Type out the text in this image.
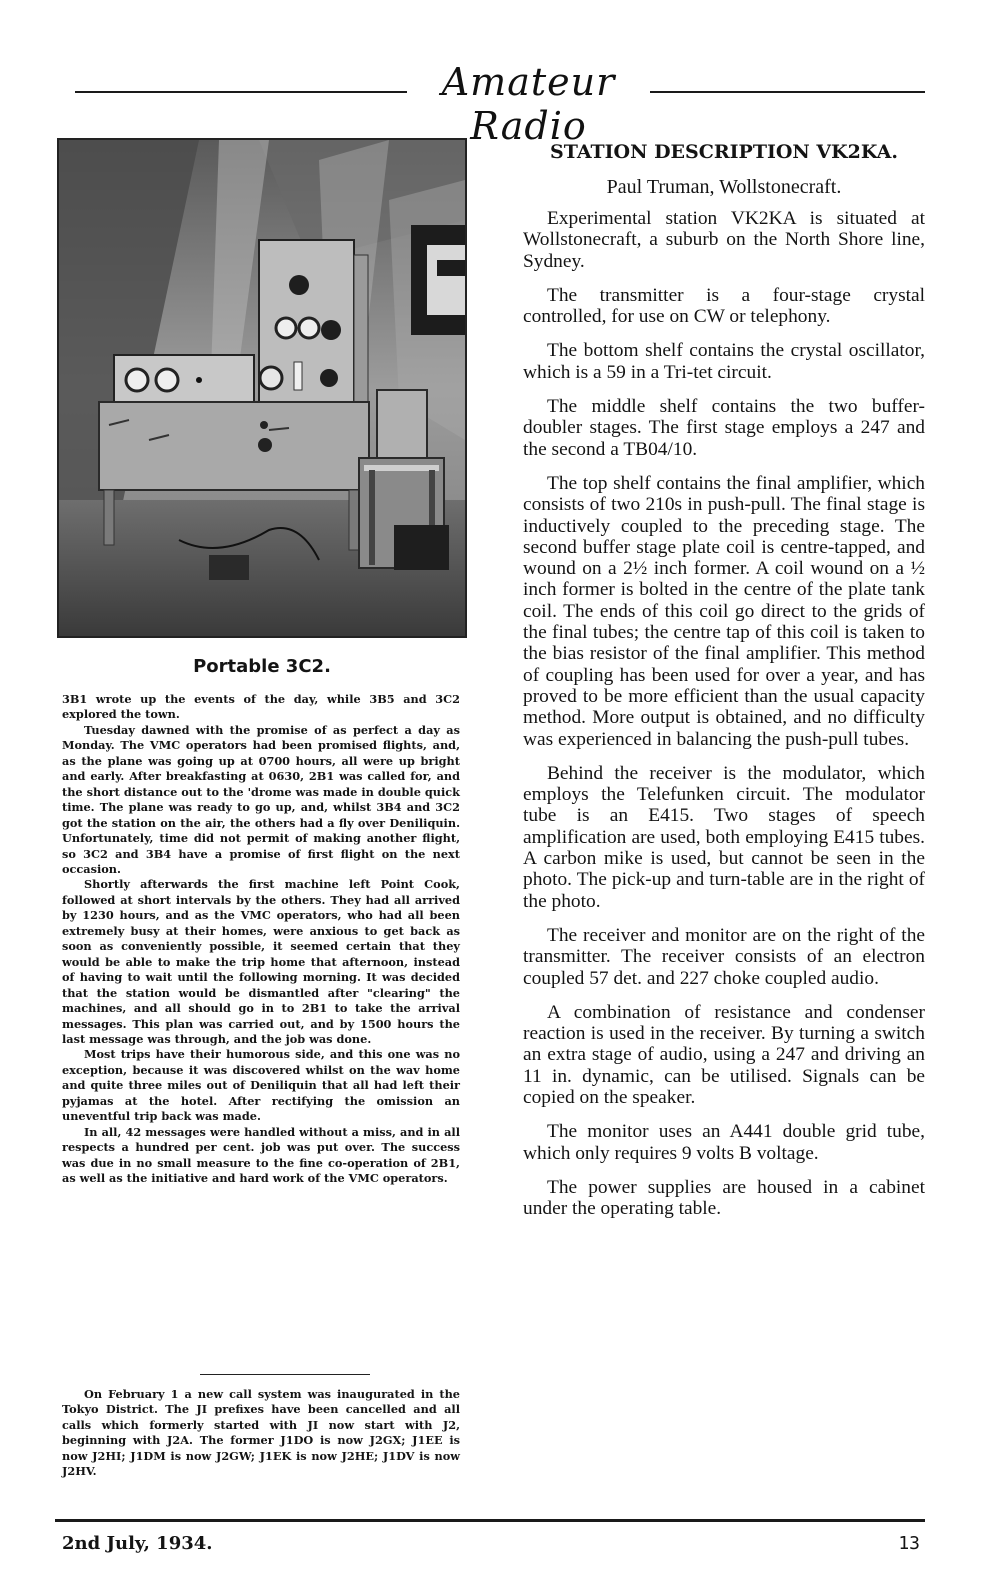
Amateur Radio
Portable 3C2.

3B1 wrote up the events of the day, while 3B5 and 3C2 explored the town.

Tuesday dawned with the promise of as perfect a day as Monday. The VMC operators had been promised flights, and, as the plane was going up at 0700 hours, all were up bright and early. After breakfasting at 0630, 2B1 was called for, and the short distance out to the 'drome was made in double quick time. The plane was ready to go up, and, whilst 3B4 and 3C2 got the station on the air, the others had a fly over Deniliquin. Unfortunately, time did not permit of making another flight, so 3C2 and 3B4 have a promise of first flight on the next occasion.

Shortly afterwards the first machine left Point Cook, followed at short intervals by the others. They had all arrived by 1230 hours, and as the VMC operators, who had all been extremely busy at their homes, were anxious to get back as soon as conveniently possible, it seemed certain that they would be able to make the trip home that afternoon, instead of having to wait until the following morning. It was decided that the station would be dismantled after "clearing" the machines, and all should go in to 2B1 to take the arrival messages. This plan was carried out, and by 1500 hours the last message was through, and the job was done.

Most trips have their humorous side, and this one was no exception, because it was discovered whilst on the wav home and quite three miles out of Deniliquin that all had left their pyjamas at the hotel. After rectifying the omission an uneventful trip back was made.

In all, 42 messages were handled without a miss, and in all respects a hundred per cent. job was put over. The success was due in no small measure to the fine co-operation of 2B1, as well as the initiative and hard work of the VMC operators.

On February 1 a new call system was inaugurated in the Tokyo District. The JI prefixes have been cancelled and all calls which formerly started with JI now start with J2, beginning with J2A. The former J1DO is now J2GX; J1EE is now J2HI; J1DM is now J2GW; J1EK is now J2HE; J1DV is now J2HV.

STATION DESCRIPTION VK2KA.
Paul Truman, Wollstonecraft.

Experimental station VK2KA is situated at Wollstonecraft, a suburb on the North Shore line, Sydney.

The transmitter is a four-stage crystal controlled, for use on CW or telephony.

The bottom shelf contains the crystal oscillator, which is a 59 in a Tri-tet circuit.

The middle shelf contains the two buffer-doubler stages. The first stage employs a 247 and the second a TB04/10.

The top shelf contains the final amplifier, which consists of two 210s in push-pull. The final stage is inductively coupled to the preceding stage. The second buffer stage plate coil is centre-tapped, and wound on a 2½ inch former. A coil wound on a ½ inch former is bolted in the centre of the plate tank coil. The ends of this coil go direct to the grids of the final tubes; the centre tap of this coil is taken to the bias resistor of the final amplifier. This method of coupling has been used for over a year, and has proved to be more efficient than the usual capacity method. More output is obtained, and no difficulty was experienced in balancing the push-pull tubes.

Behind the receiver is the modulator, which employs the Telefunken circuit. The modulator tube is an E415. Two stages of speech amplification are used, both employing E415 tubes. A carbon mike is used, but cannot be seen in the photo. The pick-up and turn-table are in the right of the photo.

The receiver and monitor are on the right of the transmitter. The receiver consists of an electron coupled 57 det. and 227 choke coupled audio.

A combination of resistance and condenser reaction is used in the receiver. By turning a switch an extra stage of audio, using a 247 and driving an 11 in. dynamic, can be utilised. Signals can be copied on the speaker.

The monitor uses an A441 double grid tube, which only requires 9 volts B voltage.

The power supplies are housed in a cabinet under the operating table.

2nd July, 1934.	13
